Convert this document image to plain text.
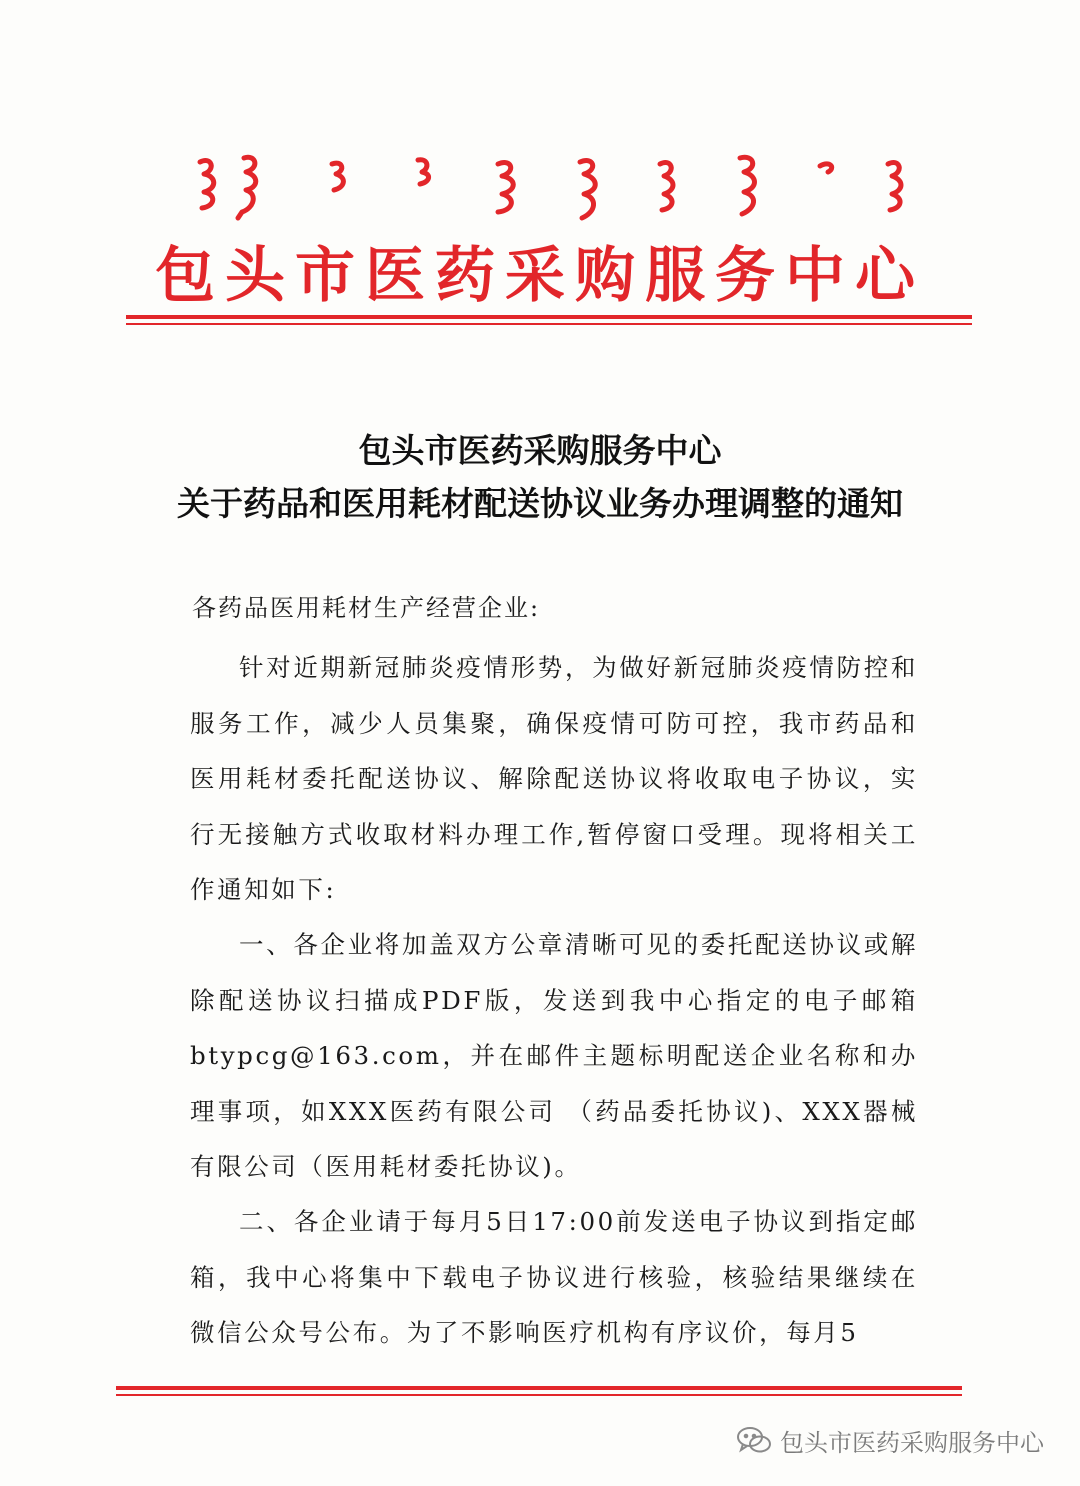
包头市医药采购服务中心
包头市医药采购服务中心
关于药品和医用耗材配送协议业务办理调整的通知
各药品医用耗材生产经营企业:

针对近期新冠肺炎疫情形势，为做好新冠肺炎疫情防控和服务工作，减少人员集聚，确保疫情可防可控，我市药品和医用耗材委托配送协议、解除配送协议将收取电子协议，实行无接触方式收取材料办理工作,暂停窗口受理。现将相关工作通知如下:

一、各企业将加盖双方公章清晰可见的委托配送协议或解除配送协议扫描成PDF版，发送到我中心指定的电子邮箱btypcg@163.com，并在邮件主题标明配送企业名称和办理事项，如XXX医药有限公司 （药品委托协议)、XXX器械有限公司（医用耗材委托协议)。

二、各企业请于每月5日17:00前发送电子协议到指定邮箱，我中心将集中下载电子协议进行核验，核验结果继续在微信公众号公布。为了不影响医疗机构有序议价，每月5

包头市医药采购服务中心
